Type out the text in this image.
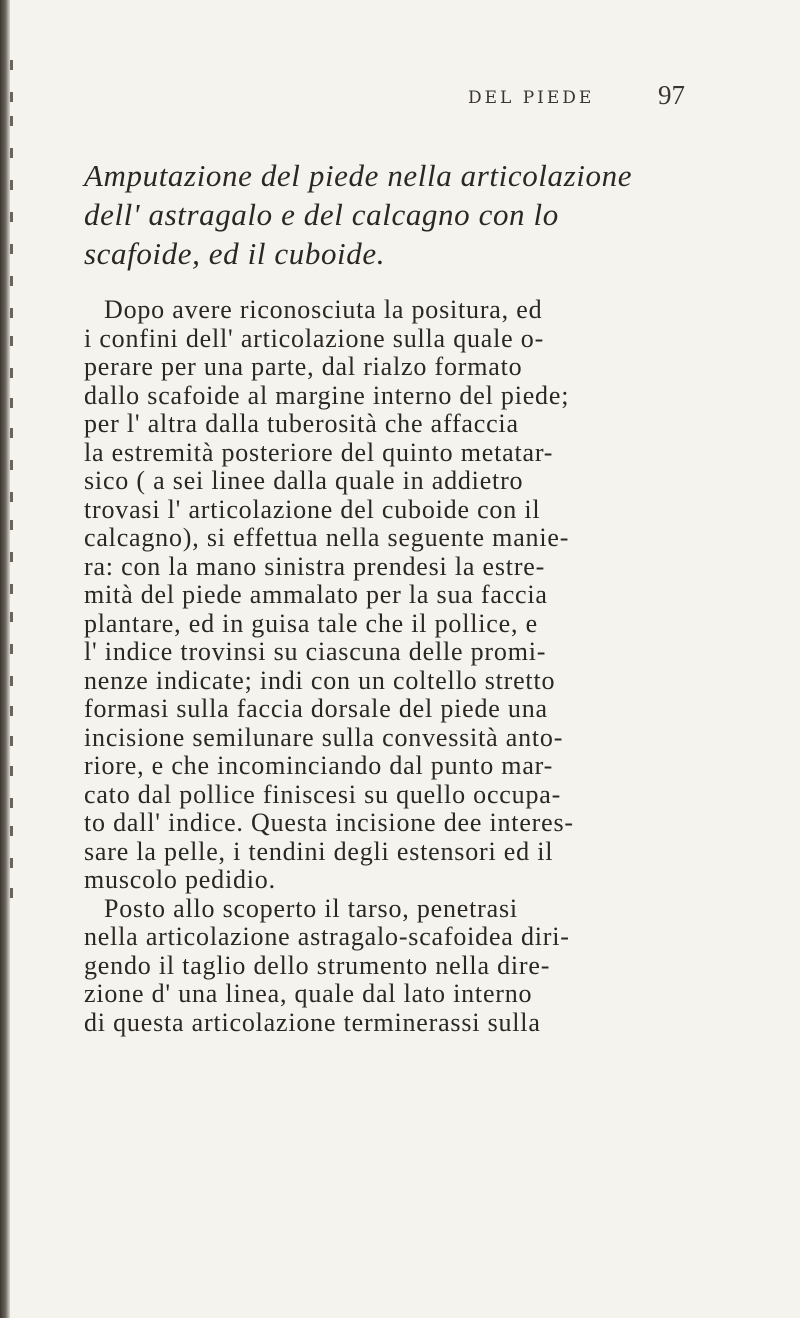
DEL PIEDE 97
Amputazione del piede nella articolazione
dell' astragalo e del calcagno con lo
scafoide, ed il cuboide.
Dopo avere riconosciuta la positura, ed
i confini dell' articolazione sulla quale o-
perare per una parte, dal rialzo formato
dallo scafoide al margine interno del piede;
per l' altra dalla tuberosità che affaccia
la estremità posteriore del quinto metatar-
sico ( a sei linee dalla quale in addietro
trovasi l' articolazione del cuboide con il
calcagno), si effettua nella seguente manie-
ra: con la mano sinistra prendesi la estre-
mità del piede ammalato per la sua faccia
plantare, ed in guisa tale che il pollice, e
l' indice trovinsi su ciascuna delle promi-
nenze indicate; indi con un coltello stretto
formasi sulla faccia dorsale del piede una
incisione semilunare sulla convessità anto-
riore, e che incominciando dal punto mar-
cato dal pollice finiscesi su quello occupa-
to dall' indice. Questa incisione dee interes-
sare la pelle, i tendini degli estensori ed il
muscolo pedidio.
Posto allo scoperto il tarso, penetrasi
nella articolazione astragalo-scafoidea diri-
gendo il taglio dello strumento nella dire-
zione d' una linea, quale dal lato interno
di questa articolazione terminerassi sulla
